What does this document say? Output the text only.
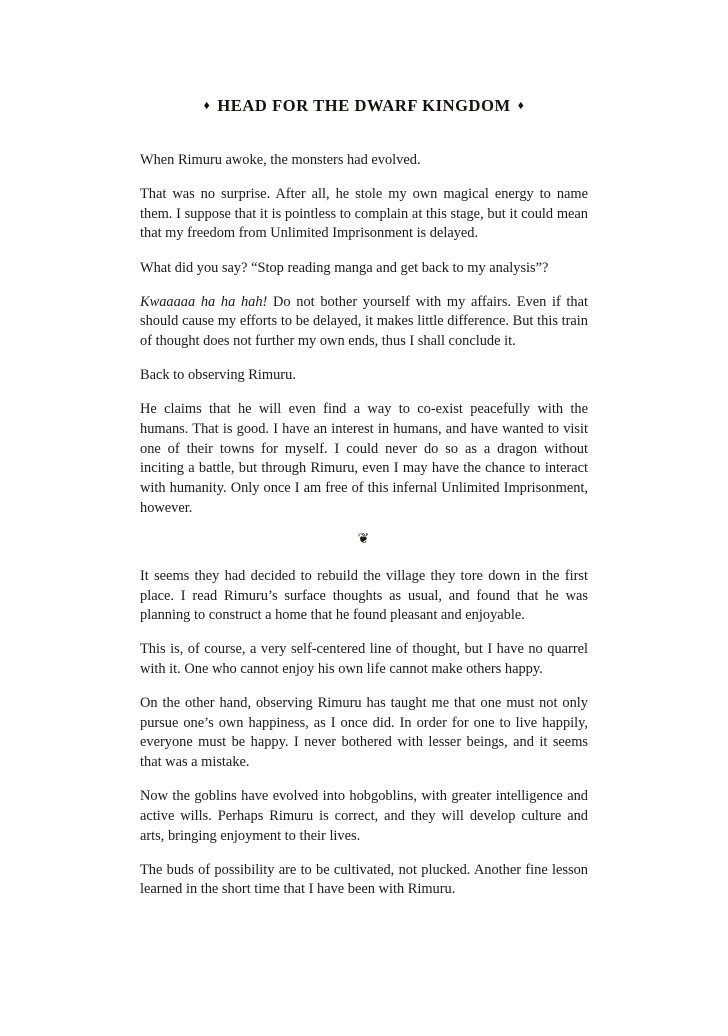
♦ HEAD FOR THE DWARF KINGDOM ♦

When Rimuru awoke, the monsters had evolved.

That was no surprise. After all, he stole my own magical energy to name them. I suppose that it is pointless to complain at this stage, but it could mean that my freedom from Unlimited Imprisonment is delayed.

What did you say? “Stop reading manga and get back to my analysis”?

Kwaaaaa ha ha hah! Do not bother yourself with my affairs. Even if that should cause my efforts to be delayed, it makes little difference. But this train of thought does not further my own ends, thus I shall conclude it.

Back to observing Rimuru.

He claims that he will even find a way to co-exist peacefully with the humans. That is good. I have an interest in humans, and have wanted to visit one of their towns for myself. I could never do so as a dragon without inciting a battle, but through Rimuru, even I may have the chance to interact with humanity. Only once I am free of this infernal Unlimited Imprisonment, however.

❦

It seems they had decided to rebuild the village they tore down in the first place. I read Rimuru’s surface thoughts as usual, and found that he was planning to construct a home that he found pleasant and enjoyable.

This is, of course, a very self-centered line of thought, but I have no quarrel with it. One who cannot enjoy his own life cannot make others happy.

On the other hand, observing Rimuru has taught me that one must not only pursue one’s own happiness, as I once did. In order for one to live happily, everyone must be happy. I never bothered with lesser beings, and it seems that was a mistake.

Now the goblins have evolved into hobgoblins, with greater intelligence and active wills. Perhaps Rimuru is correct, and they will develop culture and arts, bringing enjoyment to their lives.

The buds of possibility are to be cultivated, not plucked. Another fine lesson learned in the short time that I have been with Rimuru.
